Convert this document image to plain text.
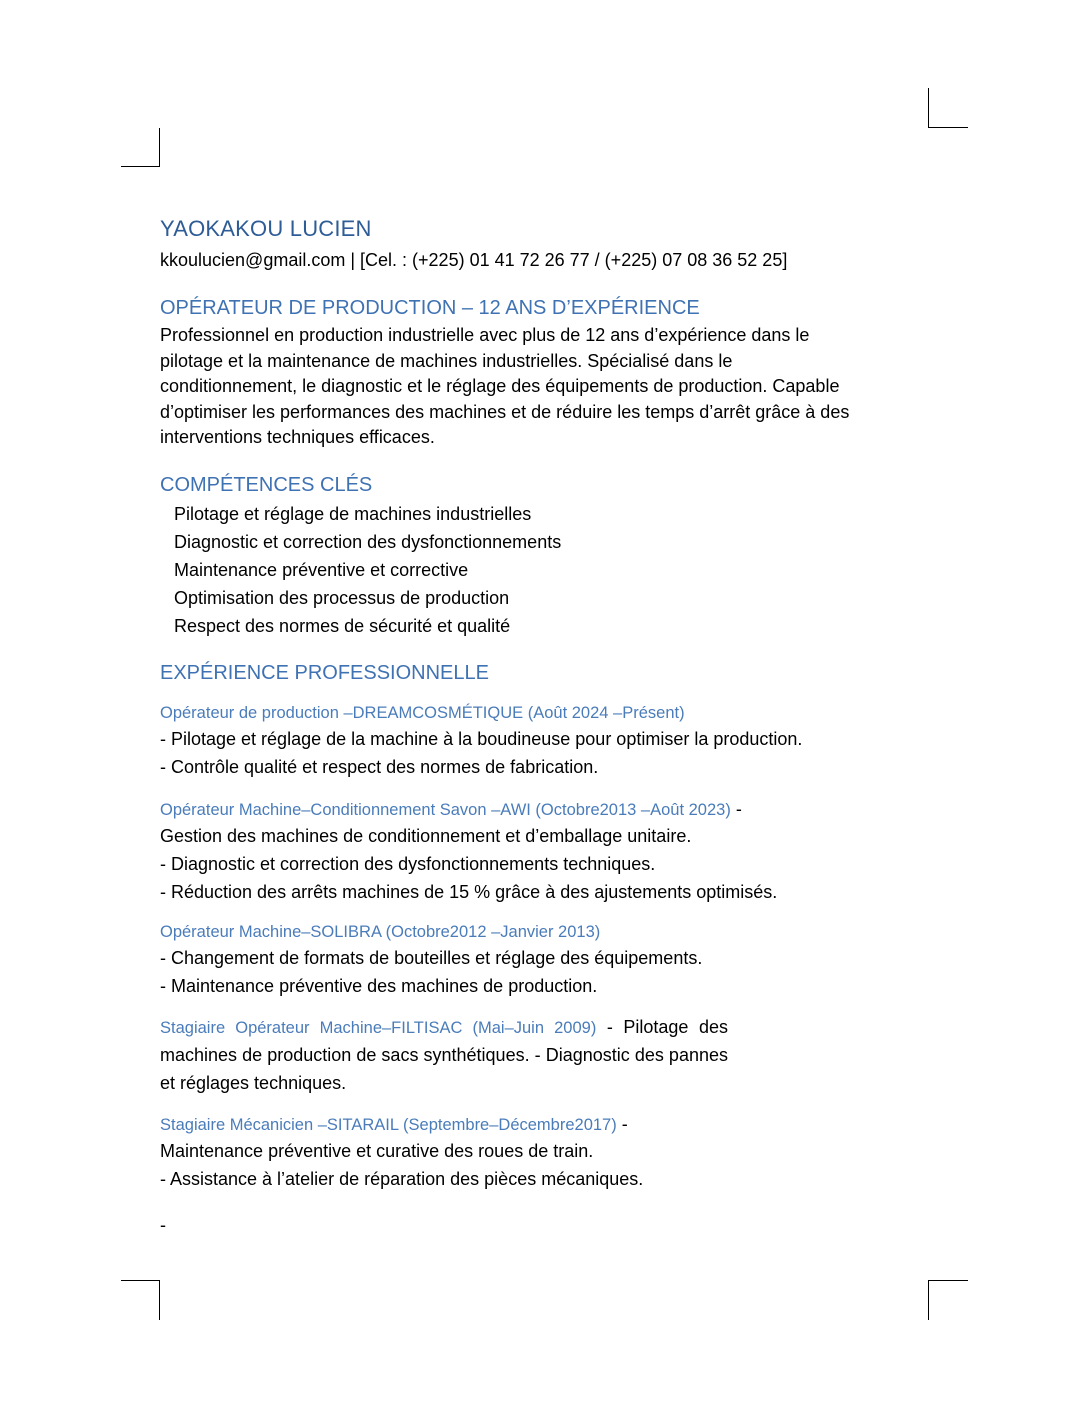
YAOKAKOU LUCIEN

kkoulucien@gmail.com | [Cel. : (+225) 01 41 72 26 77 / (+225) 07 08 36 52 25]

OPÉRATEUR DE PRODUCTION – 12 ANS D’EXPÉRIENCE

Professionnel en production industrielle avec plus de 12 ans d’expérience dans le

pilotage et la maintenance de machines industrielles. Spécialisé dans le

conditionnement, le diagnostic et le réglage des équipements de production. Capable

d’optimiser les performances des machines et de réduire les temps d’arrêt grâce à des

interventions techniques efficaces.

COMPÉTENCES CLÉS
Pilotage et réglage de machines industrielles
Diagnostic et correction des dysfonctionnements
Maintenance préventive et corrective
Optimisation des processus de production
Respect des normes de sécurité et qualité
EXPÉRIENCE PROFESSIONNELLE

Opérateur de production –DREAMCOSMÉTIQUE (Août 2024 –Présent)

- Pilotage et réglage de la machine à la boudineuse pour optimiser la production.

- Contrôle qualité et respect des normes de fabrication.

Opérateur Machine–Conditionnement Savon –AWI (Octobre2013 –Août 2023) -

Gestion des machines de conditionnement et d’emballage unitaire.

- Diagnostic et correction des dysfonctionnements techniques.

- Réduction des arrêts machines de 15 % grâce à des ajustements optimisés.

Opérateur Machine–SOLIBRA (Octobre2012 –Janvier 2013)

- Changement de formats de bouteilles et réglage des équipements.

- Maintenance préventive des machines de production.

Stagiaire Opérateur Machine–FILTISAC (Mai–Juin 2009) - Pilotage des machines de production de sacs synthétiques. - Diagnostic des pannes et réglages techniques.

Stagiaire Mécanicien –SITARAIL (Septembre–Décembre2017) -

Maintenance préventive et curative des roues de train.

- Assistance à l’atelier de réparation des pièces mécaniques.

-
